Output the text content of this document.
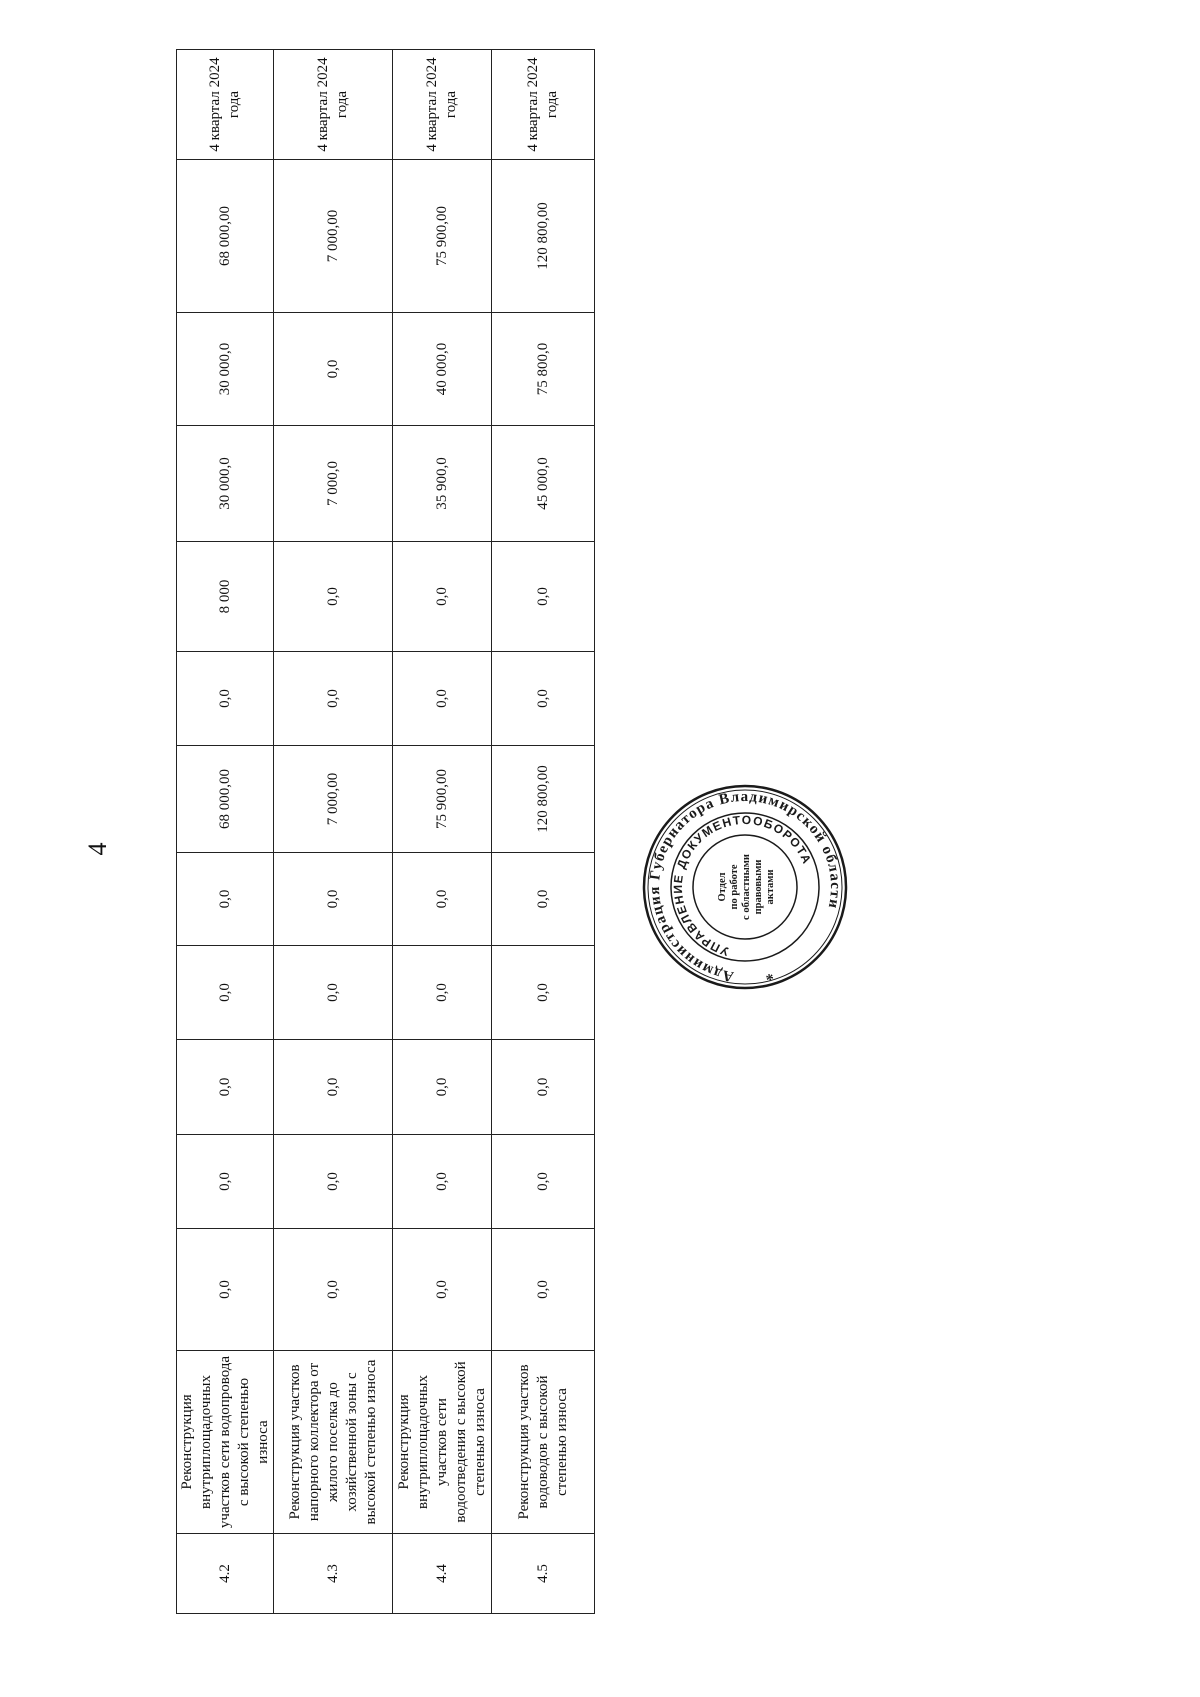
4
4.2	Реконструкция внутриплощадочных участков сети водопровода с высокой степенью износа	0,0	0,0	0,0	0,0	0,0	68 000,00	0,0	8 000	30 000,0	30 000,0	68 000,00	4 квартал 2024 года
4.3	Реконструкция участков напорного коллектора от жилого поселка до хозяйственной зоны с высокой степенью износа	0,0	0,0	0,0	0,0	0,0	7 000,00	0,0	0,0	7 000,0	0,0	7 000,00	4 квартал 2024 года
4.4	Реконструкция внутриплощадочных участков сети водоотведения с высокой степенью износа	0,0	0,0	0,0	0,0	0,0	75 900,00	0,0	0,0	35 900,0	40 000,0	75 900,00	4 квартал 2024 года
4.5	Реконструкция участков водоводов с высокой степенью износа	0,0	0,0	0,0	0,0	0,0	120 800,00	0,0	0,0	45 000,0	75 800,0	120 800,00	4 квартал 2024 года
Администрация Губернатора Владимирской области
*
УПРАВЛЕНИЕ ДОКУМЕНТООБОРОТА
Отдел по работе с областными правовыми актами
